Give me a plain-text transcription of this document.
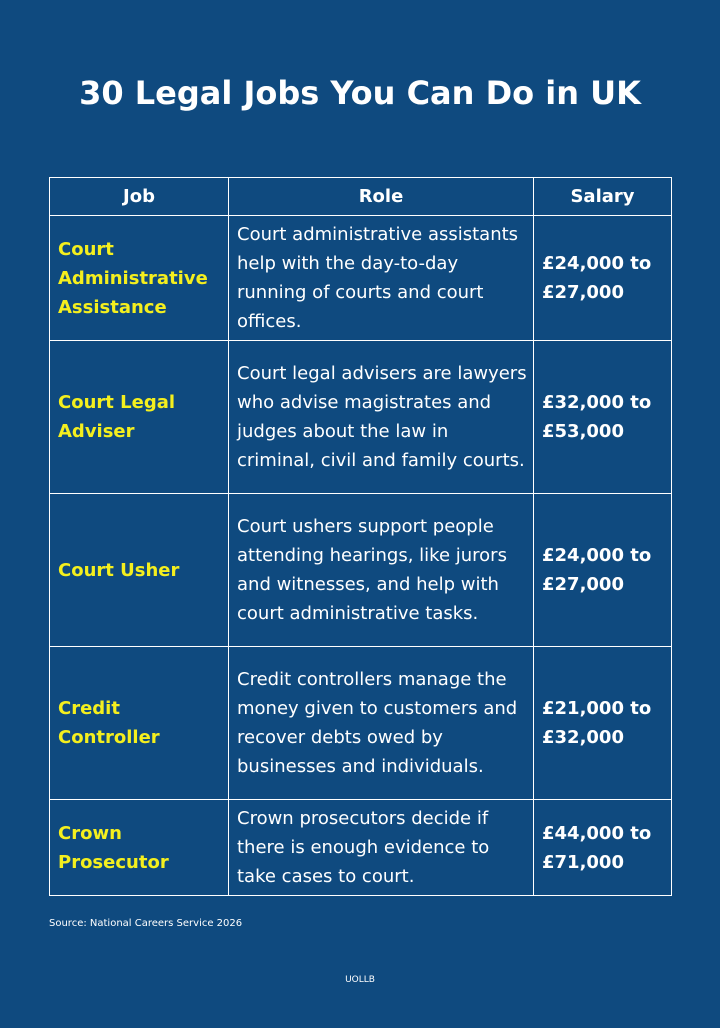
30 Legal Jobs You Can Do in UK
Job	Role	Salary
Court Administrative Assistance	Court administrative assistants help with the day-to-day running of courts and court offices.	£24,000 to £27,000
Court Legal Adviser	Court legal advisers are lawyers who advise magistrates and judges about the law in criminal, civil and family courts.	£32,000 to £53,000
Court Usher	Court ushers support people attending hearings, like jurors and witnesses, and help with court administrative tasks.	£24,000 to £27,000
Credit Controller	Credit controllers manage the money given to customers and recover debts owed by businesses and individuals.	£21,000 to £32,000
Crown Prosecutor	Crown prosecutors decide if there is enough evidence to take cases to court.	£44,000 to £71,000
Source: National Careers Service 2026
UOLLB
